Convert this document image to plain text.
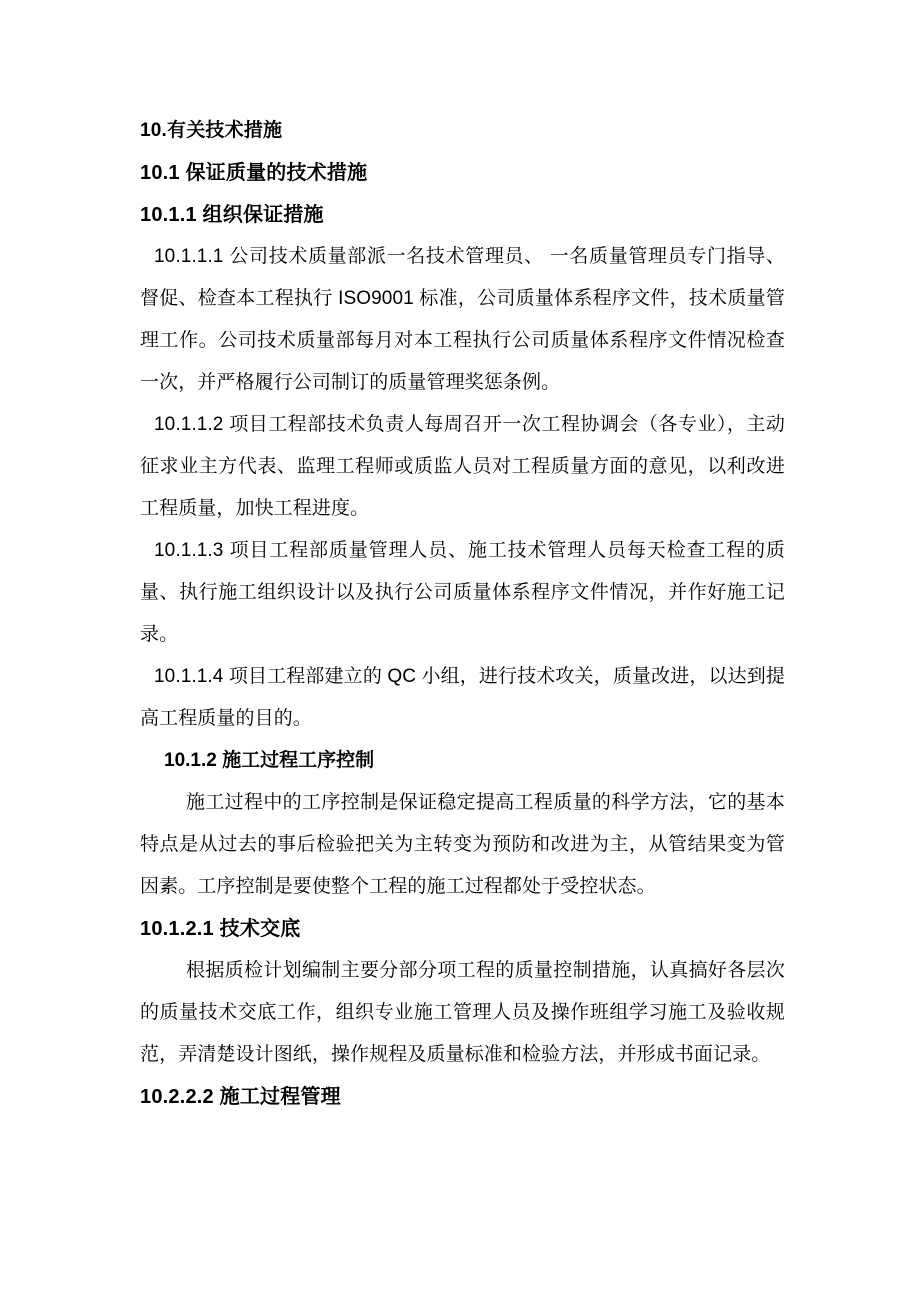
10.有关技术措施
10.1 保证质量的技术措施
10.1.1 组织保证措施

10.1.1.1 公司技术质量部派一名技术管理员、 一名质量管理员专门指导、督促、检查本工程执行 ISO9001 标准，公司质量体系程序文件，技术质量管理工作。公司技术质量部每月对本工程执行公司质量体系程序文件情况检查一次，并严格履行公司制订的质量管理奖惩条例。

10.1.1.2 项目工程部技术负责人每周召开一次工程协调会（各专业），主动征求业主方代表、监理工程师或质监人员对工程质量方面的意见，以利改进工程质量，加快工程进度。

10.1.1.3 项目工程部质量管理人员、施工技术管理人员每天检查工程的质量、执行施工组织设计以及执行公司质量体系程序文件情况，并作好施工记录。

10.1.1.4 项目工程部建立的 QC 小组，进行技术攻关，质量改进，以达到提高工程质量的目的。

10.1.2 施工过程工序控制

施工过程中的工序控制是保证稳定提高工程质量的科学方法，它的基本特点是从过去的事后检验把关为主转变为预防和改进为主，从管结果变为管因素。工序控制是要使整个工程的施工过程都处于受控状态。

10.1.2.1 技术交底

根据质检计划编制主要分部分项工程的质量控制措施，认真搞好各层次的质量技术交底工作，组织专业施工管理人员及操作班组学习施工及验收规范，弄清楚设计图纸，操作规程及质量标准和检验方法，并形成书面记录。

10.2.2.2 施工过程管理
